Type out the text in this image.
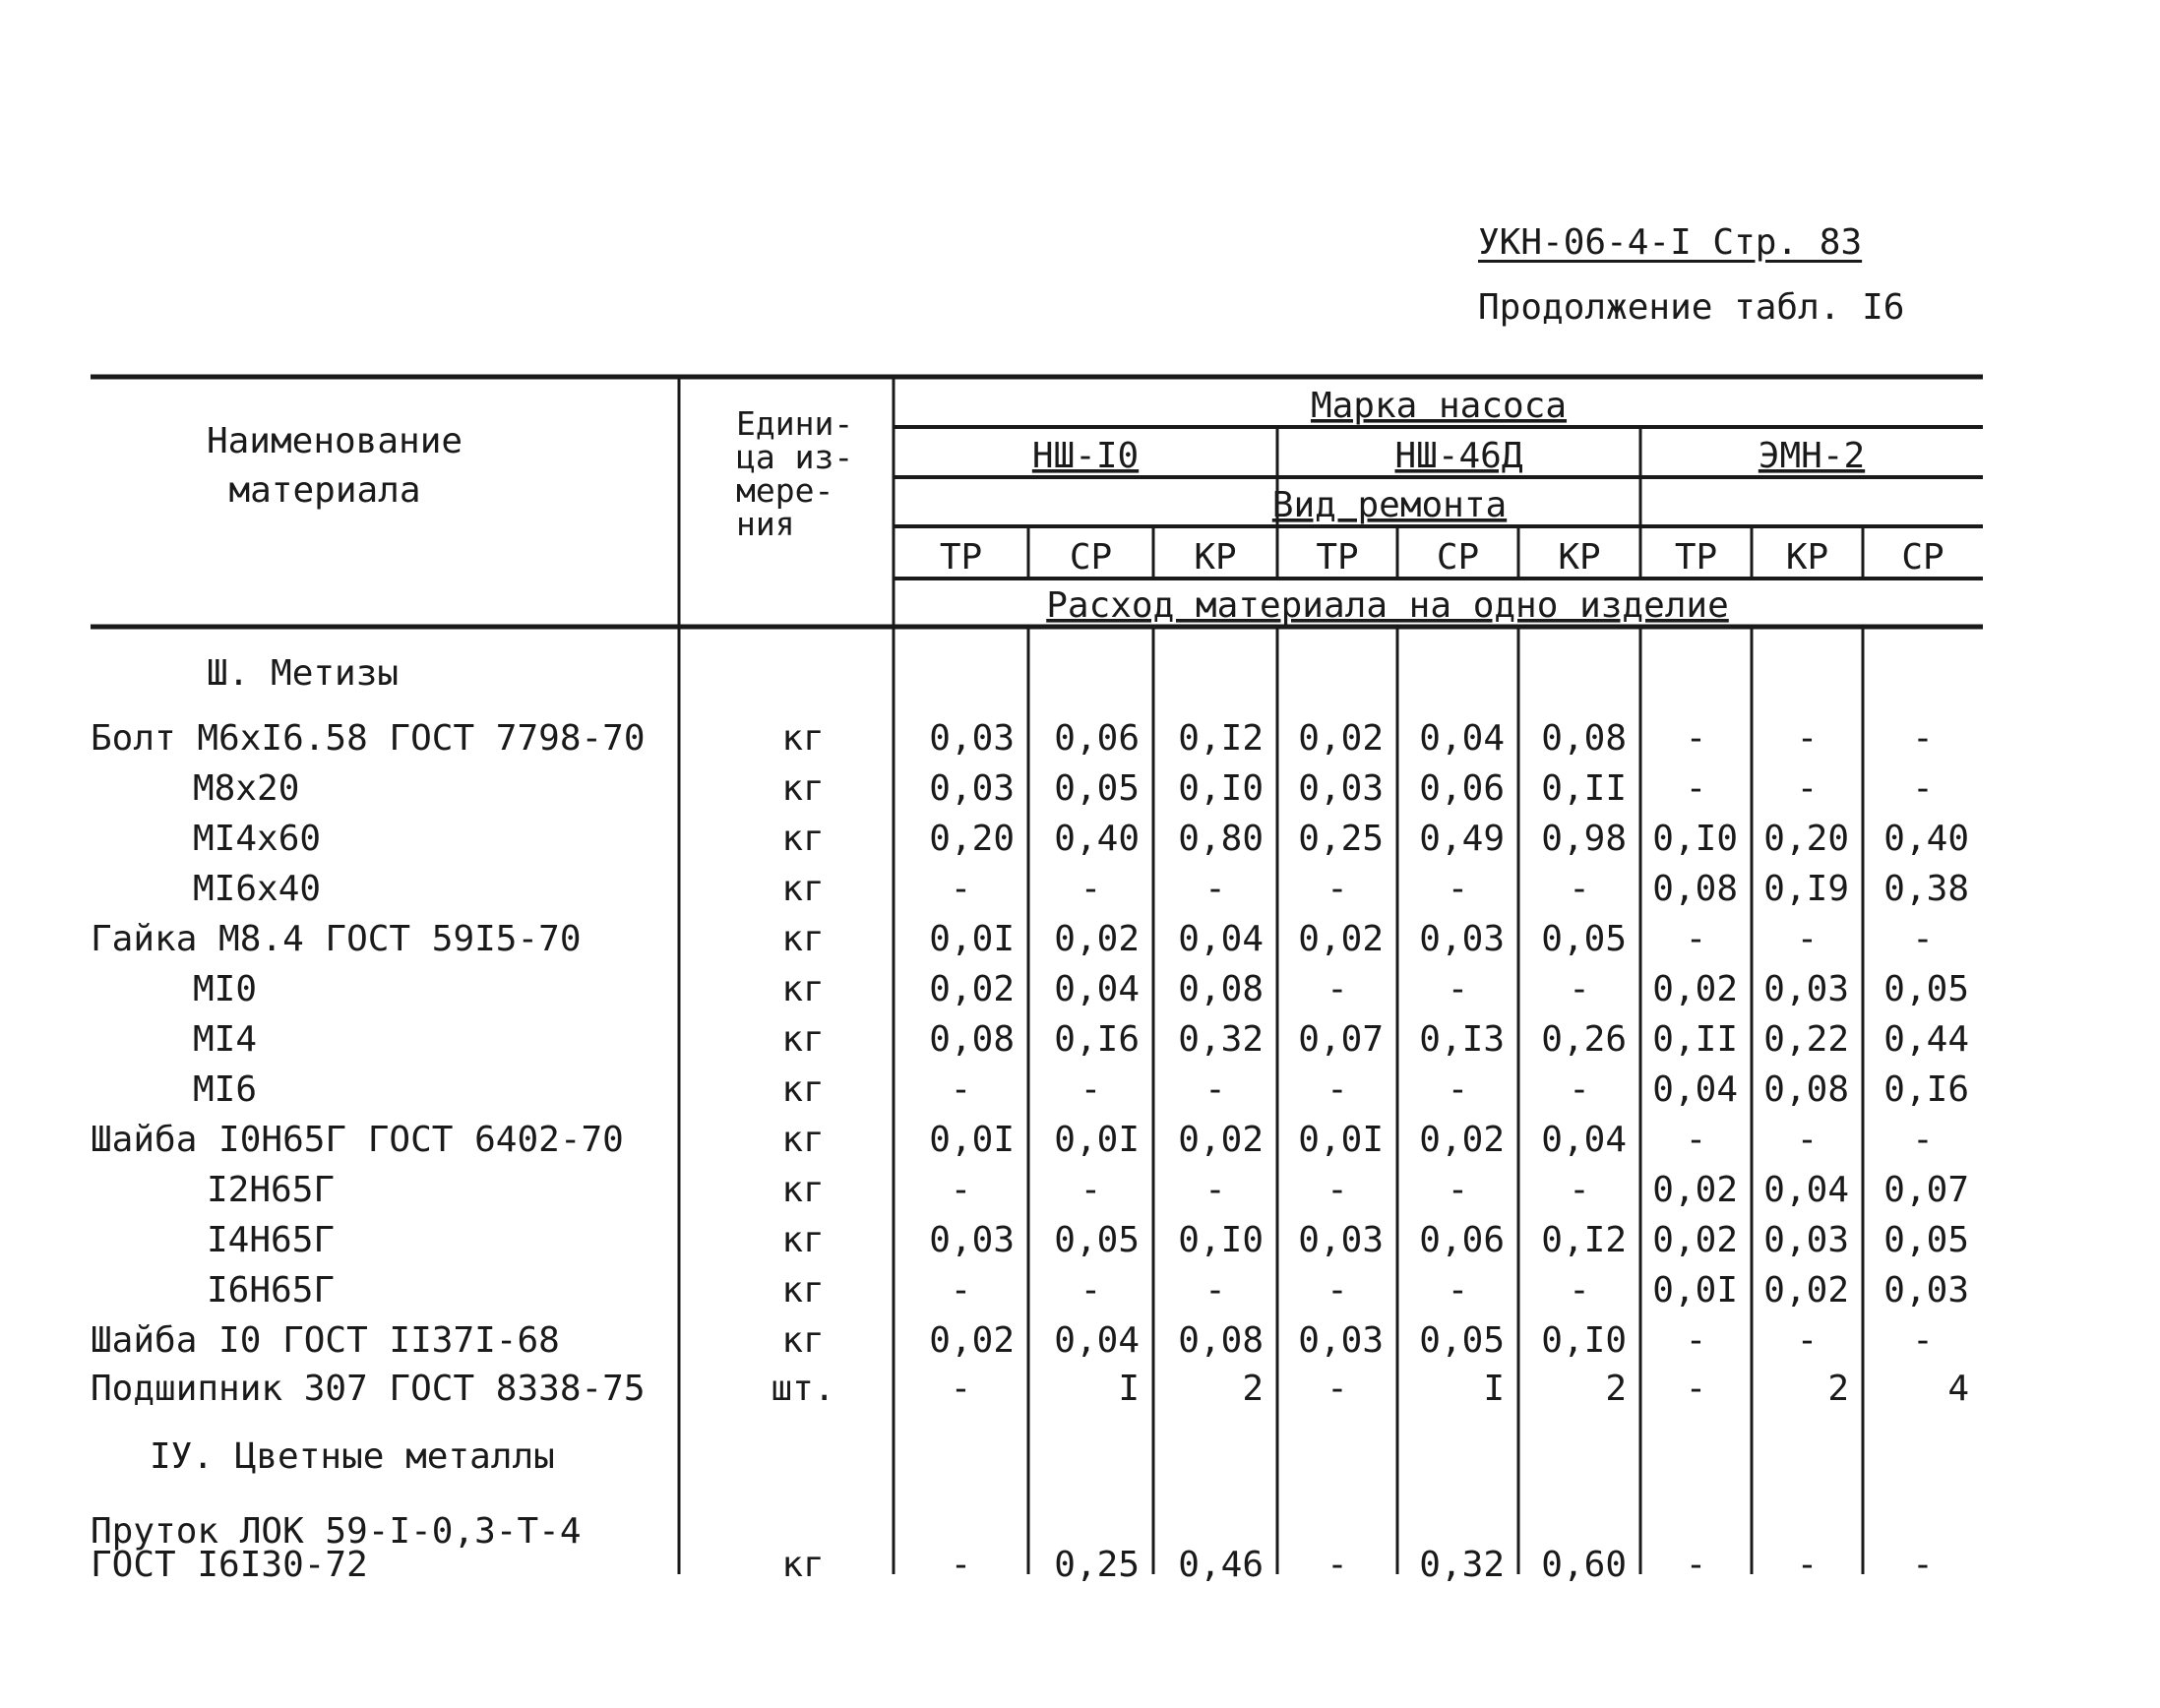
УКН-06-4-I Стр. 83
Продолжение табл. I6
Наименование
материала
Едини-
ца из-
мере-
ния
Марка насоса
НШ-I0	НШ-46Д	ЭМН-2
Вид ремонта
ТР СР КР ТР СР КР ТР КР СР
Расход материала на одно изделие
Ш. Метизы
Болт М6хI6.58 ГОСТ 7798-70	кг	0,03 0,06 0,I2 0,02 0,04 0,08 -	-	-
М8х20	кг	0,03 0,05 0,I0 0,03 0,06 0,II -	-	-
МI4х60	кг	0,20 0,40 0,80 0,25 0,49 0,98 0,I0 0,20 0,40
МI6х40	кг	-	-	-	-	-	- 0,08 0,I9 0,38
Гайка М8.4 ГОСТ 59I5-70	кг	0,0I 0,02 0,04 0,02 0,03 0,05 -	-	-
МI0	кг	0,02 0,04 0,08 -	-	- 0,02 0,03 0,05
МI4	кг	0,08 0,I6 0,32 0,07 0,I3 0,26 0,II 0,22 0,44
МI6	кг	-	-	-	-	-	- 0,04 0,08 0,I6
Шайба I0Н65Г ГОСТ 6402-70	кг	0,0I 0,0I 0,02 0,0I 0,02 0,04 -	-	-
I2Н65Г	кг	-	-	-	-	-	- 0,02 0,04 0,07
I4Н65Г	кг	0,03 0,05 0,I0 0,03 0,06 0,I2 0,02 0,03 0,05
I6Н65Г	кг	-	-	-	-	-	- 0,0I 0,02 0,03
Шайба I0 ГОСТ II37I-68	кг	0,02 0,04 0,08 0,03 0,05 0,I0 -	-	-
Подшипник 307 ГОСТ 8338-75	шт.	-	I	2 -	I	2 -	2	4
IУ. Цветные металлы
Пруток ЛОК 59-I-0,3-Т-4
ГОСТ I6I30-72	кг	- 0,25 0,46 - 0,32 0,60 -	-	-
